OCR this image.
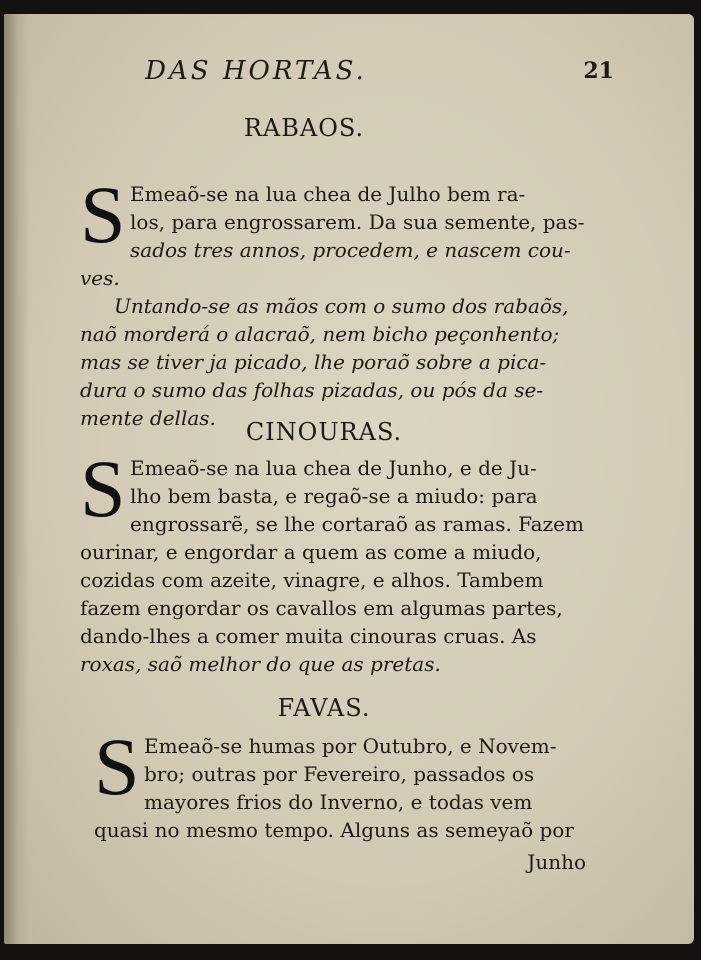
DAS HORTAS.	21
RABAOS.
S Emeaõ-se na lua chea de Julho bem ra-
los, para engrossarem. Da sua semente, pas-
sados tres annos, procedem, e nascem cou-
ves.
Untando-se as mãos com o sumo dos rabaõs,
naõ morderá o alacraõ, nem bicho peçonhento;
mas se tiver ja picado, lhe poraõ sobre a pica-
dura o sumo das folhas pizadas, ou pós da se-
mente dellas.	CINOURAS.
S Emeaõ-se na lua chea de Junho, e de Ju-
lho bem basta, e regaõ-se a miudo: para
engrossarẽ, se lhe cortaraõ as ramas. Fazem
ourinar, e engordar a quem as come a miudo,
cozidas com azeite, vinagre, e alhos. Tambem
fazem engordar os cavallos em algumas partes,
dando-lhes a comer muita cinouras cruas. As
roxas, saõ melhor do que as pretas.
FAVAS.
S Emeaõ-se humas por Outubro, e Novem-
bro; outras por Fevereiro, passados os
mayores frios do Inverno, e todas vem
quasi no mesmo tempo. Alguns as semeyaõ por
Junho
